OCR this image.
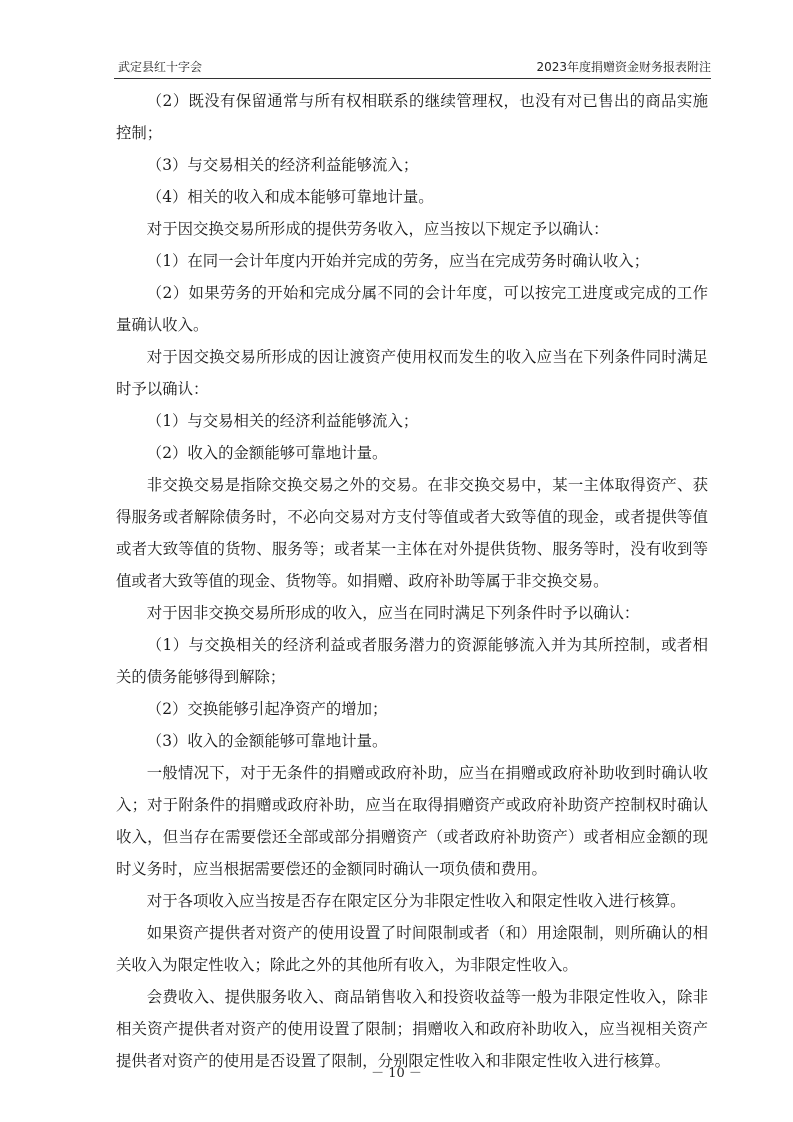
武定县红十字会	2023年度捐赠资金财务报表附注

（2）既没有保留通常与所有权相联系的继续管理权，也没有对已售出的商品实施控制；

（3）与交易相关的经济利益能够流入；

（4）相关的收入和成本能够可靠地计量。

对于因交换交易所形成的提供劳务收入，应当按以下规定予以确认：

（1）在同一会计年度内开始并完成的劳务，应当在完成劳务时确认收入；

（2）如果劳务的开始和完成分属不同的会计年度，可以按完工进度或完成的工作量确认收入。

对于因交换交易所形成的因让渡资产使用权而发生的收入应当在下列条件同时满足时予以确认：

（1）与交易相关的经济利益能够流入；

（2）收入的金额能够可靠地计量。

非交换交易是指除交换交易之外的交易。在非交换交易中，某一主体取得资产、获得服务或者解除债务时，不必向交易对方支付等值或者大致等值的现金，或者提供等值或者大致等值的货物、服务等；或者某一主体在对外提供货物、服务等时，没有收到等值或者大致等值的现金、货物等。如捐赠、政府补助等属于非交换交易。

对于因非交换交易所形成的收入，应当在同时满足下列条件时予以确认：

（1）与交换相关的经济利益或者服务潜力的资源能够流入并为其所控制，或者相关的债务能够得到解除；

（2）交换能够引起净资产的增加；

（3）收入的金额能够可靠地计量。

一般情况下，对于无条件的捐赠或政府补助，应当在捐赠或政府补助收到时确认收入；对于附条件的捐赠或政府补助，应当在取得捐赠资产或政府补助资产控制权时确认收入，但当存在需要偿还全部或部分捐赠资产（或者政府补助资产）或者相应金额的现时义务时，应当根据需要偿还的金额同时确认一项负债和费用。

对于各项收入应当按是否存在限定区分为非限定性收入和限定性收入进行核算。

如果资产提供者对资产的使用设置了时间限制或者（和）用途限制，则所确认的相关收入为限定性收入；除此之外的其他所有收入，为非限定性收入。

会费收入、提供服务收入、商品销售收入和投资收益等一般为非限定性收入，除非相关资产提供者对资产的使用设置了限制；捐赠收入和政府补助收入，应当视相关资产提供者对资产的使用是否设置了限制，分别限定性收入和非限定性收入进行核算。

－ 10 －
